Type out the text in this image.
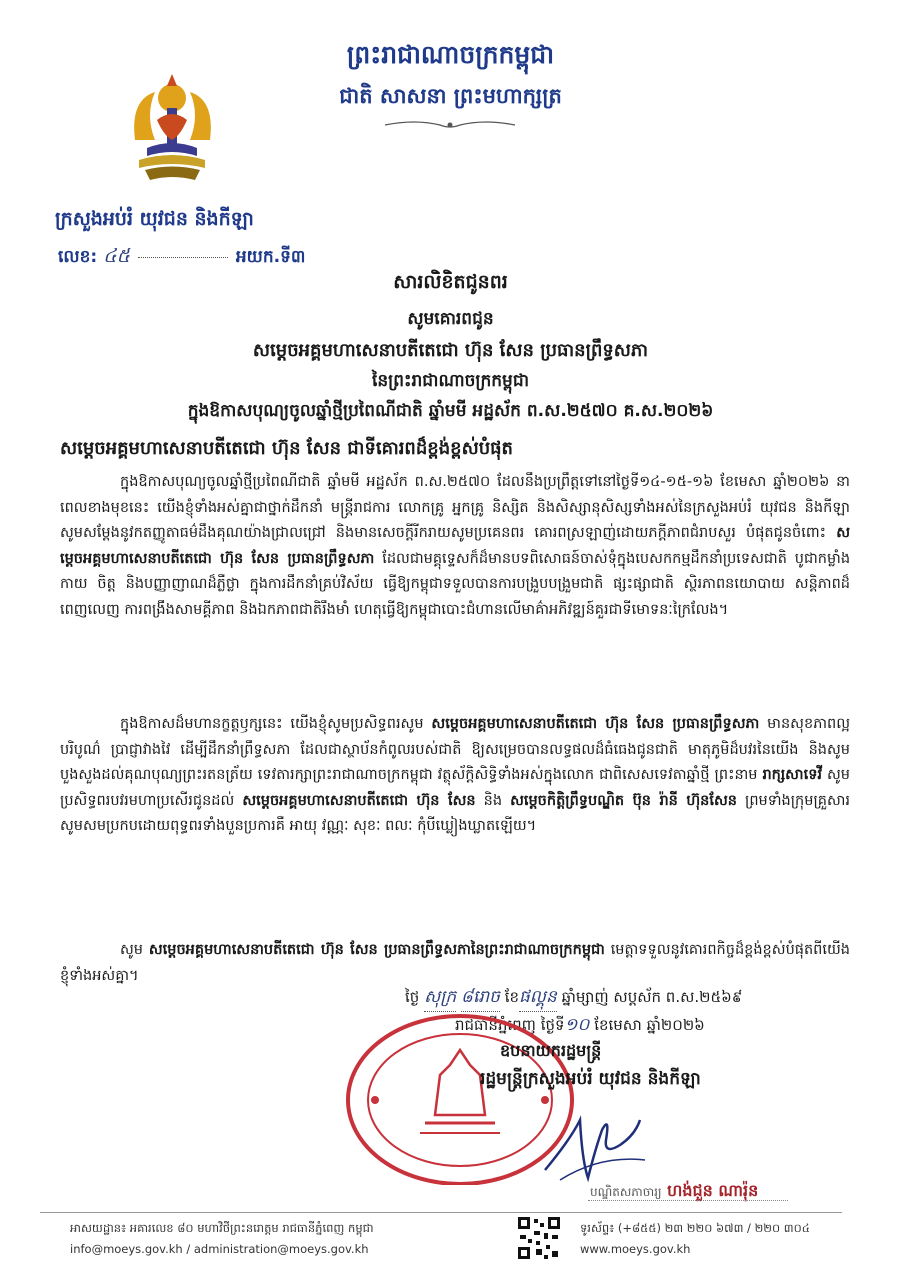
ព្រះរាជាណាចក្រកម្ពុជា
ជាតិ សាសនា ព្រះមហាក្សត្រ
ក្រសួងអប់រំ យុវជន និងកីឡា
លេខ: ៤៥	អយក.ទី៣
សារលិខិតជូនពរ
សូមគោរពជូន
សម្តេចអគ្គមហាសេនាបតីតេជោ ហ៊ុន សែន ប្រធានព្រឹទ្ធសភា
នៃព្រះរាជាណាចក្រកម្ពុជា
ក្នុងឱកាសបុណ្យចូលឆ្នាំថ្មីប្រពៃណីជាតិ ឆ្នាំមមី អដ្ឋស័ក ព.ស.២៥៧០ គ.ស.២០២៦
សម្តេចអគ្គមហាសេនាបតីតេជោ ហ៊ុន សែន ជាទីគោរពដ៏ខ្ពង់ខ្ពស់បំផុត
ក្នុងឱកាសបុណ្យចូលឆ្នាំថ្មីប្រពៃណីជាតិ ឆ្នាំមមី អដ្ឋស័ក ព.ស.២៥៧០ ដែលនឹងប្រព្រឹត្តទៅនៅថ្ងៃទី១៤-១៥-១៦ ខែមេសា ឆ្នាំ២០២៦ នាពេលខាងមុខនេះ យើងខ្ញុំទាំងអស់គ្នាជាថ្នាក់ដឹកនាំ មន្ត្រីរាជការ លោកគ្រូ អ្នកគ្រូ និស្សិត និងសិស្សានុសិស្សទាំងអស់នៃក្រសួងអប់រំ យុវជន និងកីឡា សូមសម្តែងនូវកតញ្ញូតាធម៌ដឹងគុណយ៉ាងជ្រាលជ្រៅ និងមានសេចក្តីរីករាយសូមប្រគេនពរ គោរពស្រឡាញ់ដោយភក្តីភាពជំរាបសួរ បំផុតជូនចំពោះ សម្តេចអគ្គមហាសេនាបតីតេជោ ហ៊ុន សែន ប្រធានព្រឹទ្ធសភា ដែលជាមគ្គុទ្ទេសក៏ដ៏មានបទពិសោធន៍ចាស់ទុំក្នុងបេសកកម្មដឹកនាំប្រទេសជាតិ បូជាកម្លាំងកាយ ចិត្ត និងបញ្ញាញាណដ៏ភ្លឺថ្លា ក្នុងការដឹកនាំគ្រប់វិស័យ ធ្វើឱ្យកម្ពុជាទទួលបានការបង្រួបបង្រួមជាតិ ផ្សះផ្សាជាតិ ស្ថិរភាពនយោបាយ សន្តិភាពដ៏ពេញលេញ ការពង្រឹងសាមគ្គីភាព និងឯកភាពជាតិរឹងមាំ ហេតុធ្វើឱ្យកម្ពុជាបោះជំហានលើមាគ៌ាអភិវឌ្ឍន៍គួរជាទីមោទនៈក្រៃលែង។
ក្នុងឱកាសដ៏មហានក្ខត្តឫក្សនេះ យើងខ្ញុំសូមប្រសិទ្ធពរសូម សម្តេចអគ្គមហាសេនាបតីតេជោ ហ៊ុន សែន ប្រធានព្រឹទ្ធសភា មានសុខភាពល្អបរិបូណ៌ ប្រាជ្ញាវាងវៃ ដើម្បីដឹកនាំព្រឹទ្ធសភា ដែលជាស្ថាប័នកំពូលរបស់ជាតិ ឱ្យសម្រេចបានលទ្ធផលដ៏ធំធេងជូនជាតិ មាតុភូមិដ៏បវរនៃយើង និងសូមបួងសួងដល់គុណបុណ្យព្រះរតនត្រ័យ ទេវតារក្សាព្រះរាជាណាចក្រកម្ពុជា វត្ថុស័ក្តិសិទ្ធិទាំងអស់ក្នុងលោក ជាពិសេសទេវតាឆ្នាំថ្មី ព្រះនាម រាក្សសាទេវី សូមប្រសិទ្ធពរបវរមហាប្រសើរជូនដល់ សម្តេចអគ្គមហាសេនាបតីតេជោ ហ៊ុន សែន និង សម្តេចកិត្តិព្រឹទ្ធបណ្ឌិត ប៊ុន រ៉ានី ហ៊ុនសែន ព្រមទាំងក្រុមគ្រួសារ សូមសមប្រកបដោយពុទ្ធពរទាំងបួនប្រការគឺ អាយុ វណ្ណៈ សុខៈ ពលៈ កុំបីឃ្លៀងឃ្លាតឡើយ។
សូម សម្តេចអគ្គមហាសេនាបតីតេជោ ហ៊ុន សែន ប្រធានព្រឹទ្ធសភានៃព្រះរាជាណាចក្រកម្ពុជា មេត្តាទទួលនូវគោរពកិច្ចដ៏ខ្ពង់ខ្ពស់បំផុតពីយើងខ្ញុំទាំងអស់គ្នា។
ថ្ងៃ សុក្រ ៨រោច ខែផល្គុន ឆ្នាំម្សាញ់ សប្តស័ក ព.ស.២៥៦៩
រាជធានីភ្នំពេញ ថ្ងៃទី១០ ខែមេសា ឆ្នាំ២០២៦
ឧបនាយករដ្ឋមន្ត្រី
រដ្ឋមន្ត្រីក្រសួងអប់រំ យុវជន និងកីឡា
បណ្ឌិតសភាចារ្យ ហង់ជួន ណារ៉ុន
អាសយដ្ឋាន៖ អគារលេខ ៨០ មហាវិថីព្រះនរោត្តម រាជធានីភ្នំពេញ កម្ពុជា
info@moeys.gov.kh / administration@moeys.gov.kh
ទូរស័ព្ទ៖ (+៨៥៥) ២៣ ២២០ ៦៧៣ / ២២០ ៣០៤
www.moeys.gov.kh
